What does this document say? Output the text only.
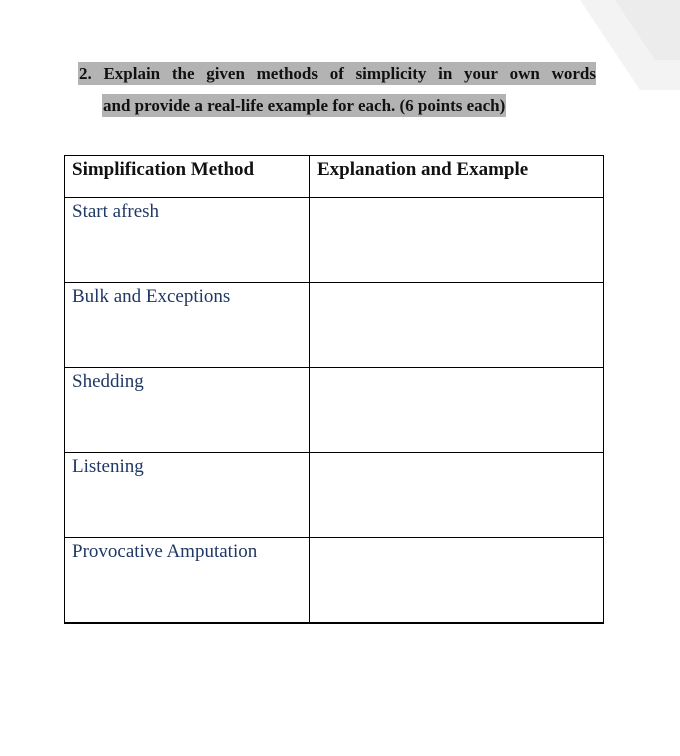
2. Explain the given methods of simplicity in your own words
and provide a real-life example for each. (6 points each)
Simplification Method	Explanation and Example
Start afresh	
Bulk and Exceptions	
Shedding	
Listening	
Provocative Amputation	
